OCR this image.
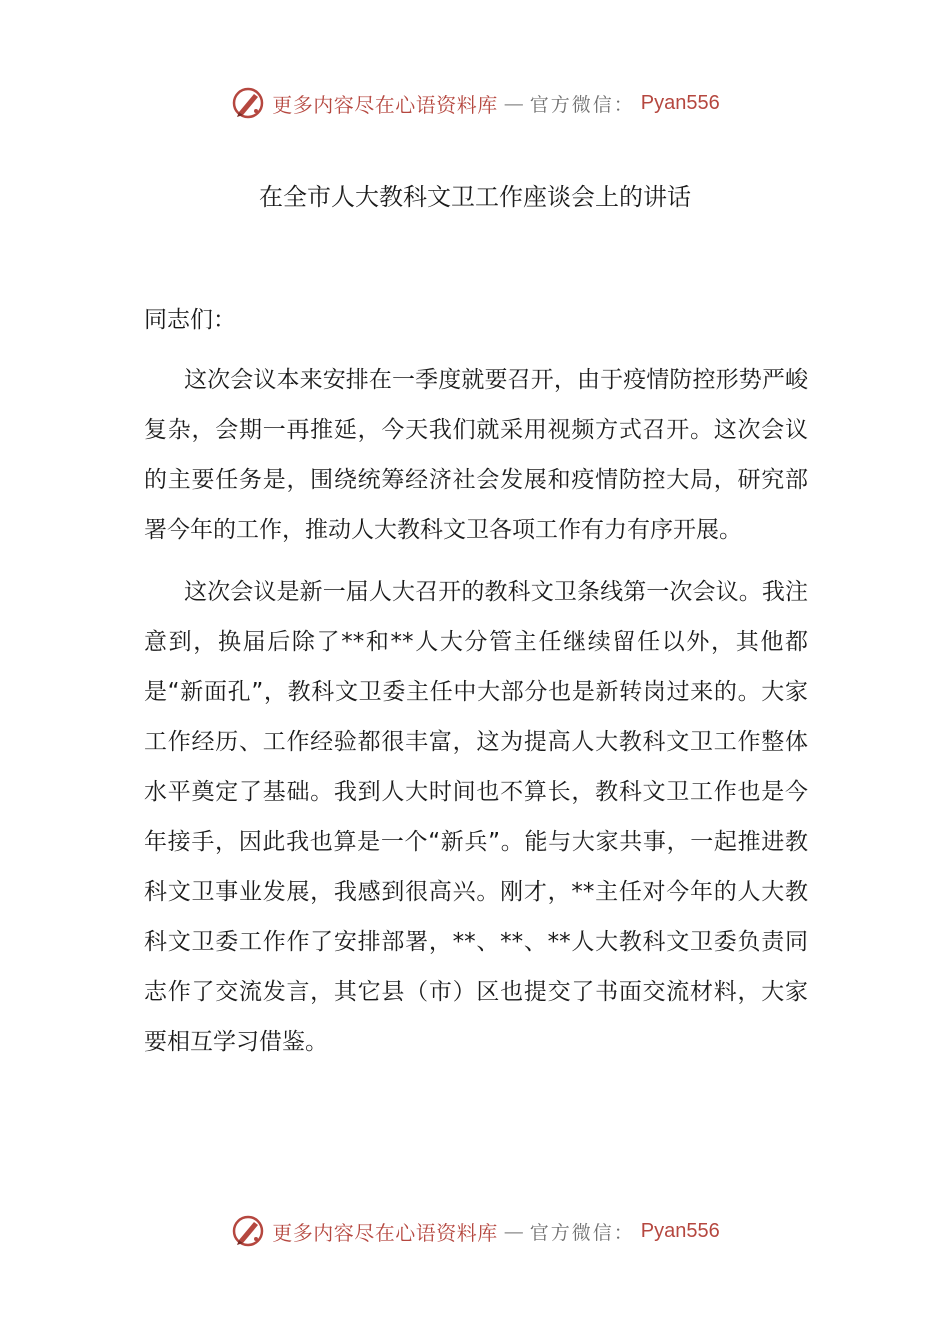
更多内容尽在心语资料库 — 官方微信： Pyan556
在全市人大教科文卫工作座谈会上的讲话

同志们：

这次会议本来安排在一季度就要召开，由于疫情防控形势严峻复杂，会期一再推延，今天我们就采用视频方式召开。这次会议的主要任务是，围绕统筹经济社会发展和疫情防控大局，研究部署今年的工作，推动人大教科文卫各项工作有力有序开展。

这次会议是新一届人大召开的教科文卫条线第一次会议。我注意到，换届后除了**和**人大分管主任继续留任以外，其他都是“新面孔”，教科文卫委主任中大部分也是新转岗过来的。大家工作经历、工作经验都很丰富，这为提高人大教科文卫工作整体水平奠定了基础。我到人大时间也不算长，教科文卫工作也是今年接手，因此我也算是一个“新兵”。能与大家共事，一起推进教科文卫事业发展，我感到很高兴。刚才，**主任对今年的人大教科文卫委工作作了安排部署，**、**、**人大教科文卫委负责同志作了交流发言，其它县（市）区也提交了书面交流材料，大家要相互学习借鉴。

更多内容尽在心语资料库 — 官方微信： Pyan556
